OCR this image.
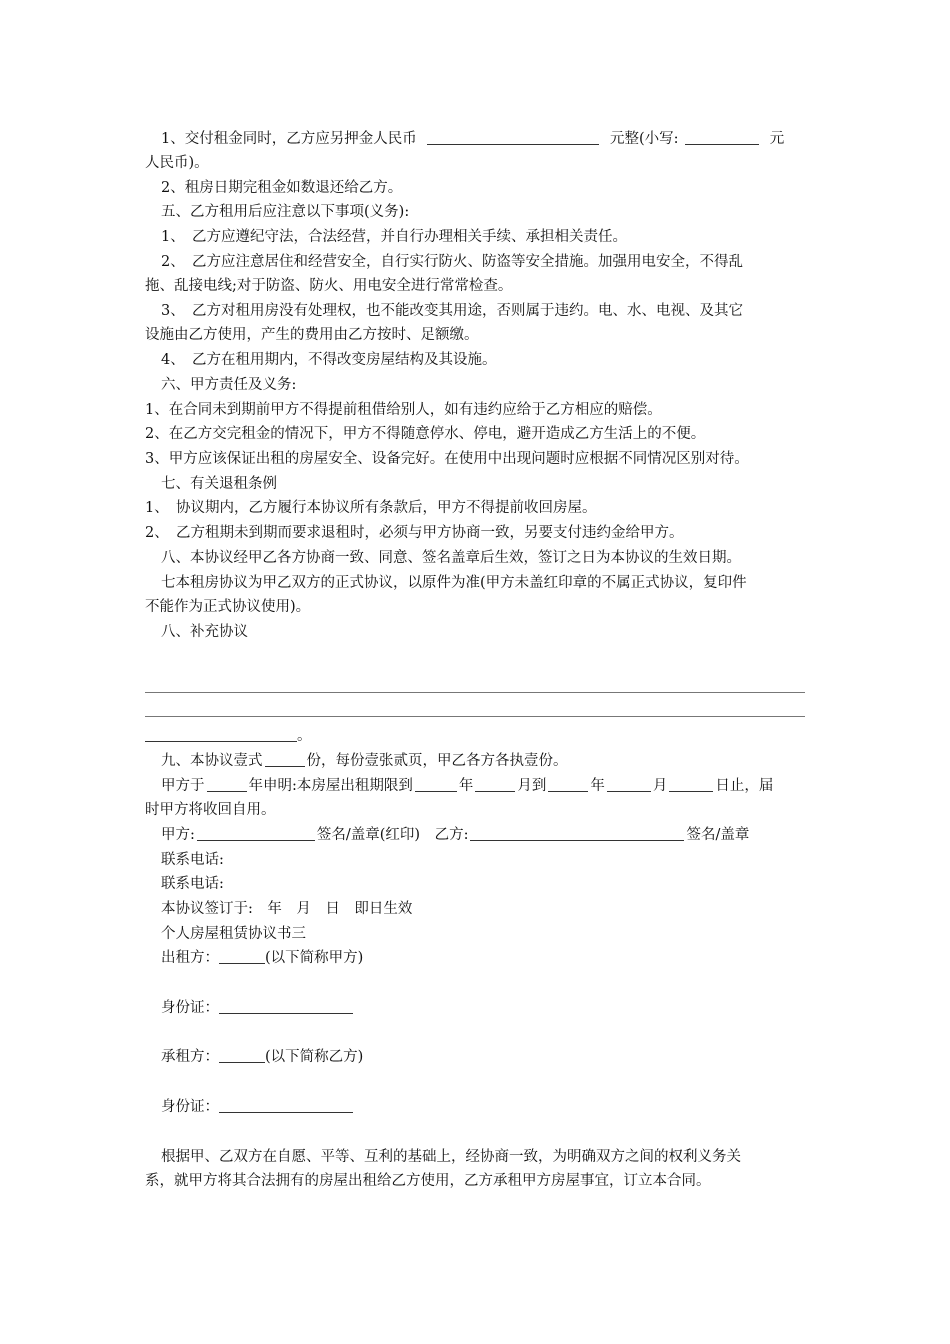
1、交付租金同时，乙方应另押金人民币	元整(小写:	元
人民币)。
2、租房日期完租金如数退还给乙方。
五、乙方租用后应注意以下事项(义务):
1、　乙方应遵纪守法，合法经营，并自行办理相关手续、承担相关责任。
2、　乙方应注意居住和经营安全，自行实行防火、防盗等安全措施。加强用电安全，不得乱
拖、乱接电线;对于防盗、防火、用电安全进行常常检查。
3、　乙方对租用房没有处理权，也不能改变其用途，否则属于违约。电、水、电视、及其它
设施由乙方使用，产生的费用由乙方按时、足额缴。
4、　乙方在租用期内，不得改变房屋结构及其设施。
六、甲方责任及义务:
1、在合同未到期前甲方不得提前租借给别人，如有违约应给于乙方相应的赔偿。
2、在乙方交完租金的情况下，甲方不得随意停水、停电，避开造成乙方生活上的不便。
3、甲方应该保证出租的房屋安全、设备完好。在使用中出现问题时应根据不同情况区别对待。
七、有关退租条例
1、　协议期内，乙方履行本协议所有条款后，甲方不得提前收回房屋。
2、　乙方租期未到期而要求退租时，必须与甲方协商一致，另要支付违约金给甲方。
八、本协议经甲乙各方协商一致、同意、签名盖章后生效，签订之日为本协议的生效日期。
七本租房协议为甲乙双方的正式协议，以原件为准(甲方未盖红印章的不属正式协议，复印件
不能作为正式协议使用)。
八、补充协议
。
九、本协议壹式	份，每份壹张贰页，甲乙各方各执壹份。
甲方于	年申明:本房屋出租期限到	年	月到	年	月	日止，届
时甲方将收回自用。
甲方:	签名/盖章(红印)　乙方:	签名/盖章
联系电话:
联系电话:
本协议签订于:　年　月　日　即日生效
个人房屋租赁协议书三
出租方：	(以下简称甲方)
身份证：
承租方：	(以下简称乙方)
身份证：
根据甲、乙双方在自愿、平等、互利的基础上，经协商一致，为明确双方之间的权利义务关
系，就甲方将其合法拥有的房屋出租给乙方使用，乙方承租甲方房屋事宜，订立本合同。
